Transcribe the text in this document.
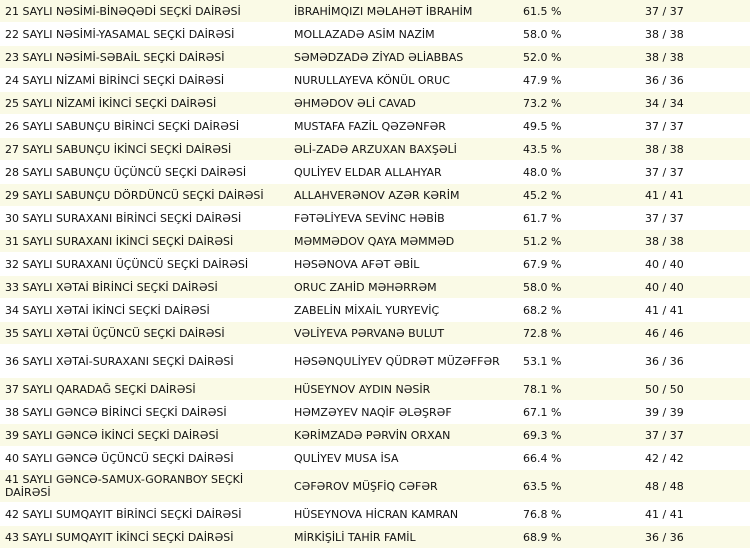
21 SAYLI NƏSİMİ-BİNƏQƏDİ SEÇKİ DAİRƏSİ	İBRAHİMQIZI MƏLAHƏT İBRAHİM	61.5 %	37 / 37
22 SAYLI NƏSİMİ-YASAMAL SEÇKİ DAİRƏSİ	MOLLAZADƏ ASİM NAZİM	58.0 %	38 / 38
23 SAYLI NƏSİMİ-SƏBAİL SEÇKİ DAİRƏSİ	SƏMƏDZADƏ ZİYAD ƏLİABBAS	52.0 %	38 / 38
24 SAYLI NİZAMİ BİRİNCİ SEÇKİ DAİRƏSİ	NURULLAYEVA KÖNÜL ORUC	47.9 %	36 / 36
25 SAYLI NİZAMİ İKİNCİ SEÇKİ DAİRƏSİ	ƏHMƏDOV ƏLİ CAVAD	73.2 %	34 / 34
26 SAYLI SABUNÇU BİRİNCİ SEÇKİ DAİRƏSİ	MUSTAFA FAZİL QƏZƏNFƏR	49.5 %	37 / 37
27 SAYLI SABUNÇU İKİNCİ SEÇKİ DAİRƏSİ	ƏLİ-ZADƏ ARZUXAN BAXŞƏLİ	43.5 %	38 / 38
28 SAYLI SABUNÇU ÜÇÜNCÜ SEÇKİ DAİRƏSİ	QULİYEV ELDAR ALLAHYAR	48.0 %	37 / 37
29 SAYLI SABUNÇU DÖRDÜNCÜ SEÇKİ DAİRƏSİ	ALLAHVERƏNOV AZƏR KƏRİM	45.2 %	41 / 41
30 SAYLI SURAXANI BİRİNCİ SEÇKİ DAİRƏSİ	FƏTƏLİYEVA SEVİNC HƏBİB	61.7 %	37 / 37
31 SAYLI SURAXANI İKİNCİ SEÇKİ DAİRƏSİ	MƏMMƏDOV QAYA MƏMMƏD	51.2 %	38 / 38
32 SAYLI SURAXANI ÜÇÜNCÜ SEÇKİ DAİRƏSİ	HƏSƏNOVA AFƏT ƏBİL	67.9 %	40 / 40
33 SAYLI XƏTAİ BİRİNCİ SEÇKİ DAİRƏSİ	ORUC ZAHİD MƏHƏRRƏM	58.0 %	40 / 40
34 SAYLI XƏTAİ İKİNCİ SEÇKİ DAİRƏSİ	ZABELİN MİXAİL YURYEVİÇ	68.2 %	41 / 41
35 SAYLI XƏTAİ ÜÇÜNCÜ SEÇKİ DAİRƏSİ	VƏLİYEVA PƏRVANƏ BULUT	72.8 %	46 / 46
36 SAYLI XƏTAİ-SURAXANI SEÇKİ DAİRƏSİ	HƏSƏNQULİYEV QÜDRƏT MÜZƏFFƏR	53.1 %	36 / 36
37 SAYLI QARADAĞ SEÇKİ DAİRƏSİ	HÜSEYNOV AYDIN NƏSİR	78.1 %	50 / 50
38 SAYLI GƏNCƏ BİRİNCİ SEÇKİ DAİRƏSİ	HƏMZƏYEV NAQİF ƏLƏŞRƏF	67.1 %	39 / 39
39 SAYLI GƏNCƏ İKİNCİ SEÇKİ DAİRƏSİ	KƏRİMZADƏ PƏRVİN ORXAN	69.3 %	37 / 37
40 SAYLI GƏNCƏ ÜÇÜNCÜ SEÇKİ DAİRƏSİ	QULİYEV MUSA İSA	66.4 %	42 / 42
41 SAYLI GƏNCƏ-SAMUX-GORANBOY SEÇKİ DAİRƏSİ	CƏFƏROV MÜŞFİQ CƏFƏR	63.5 %	48 / 48
42 SAYLI SUMQAYIT BİRİNCİ SEÇKİ DAİRƏSİ	HÜSEYNOVA HİCRAN KAMRAN	76.8 %	41 / 41
43 SAYLI SUMQAYIT İKİNCİ SEÇKİ DAİRƏSİ	MİRKİŞİLİ TAHİR FAMİL	68.9 %	36 / 36
